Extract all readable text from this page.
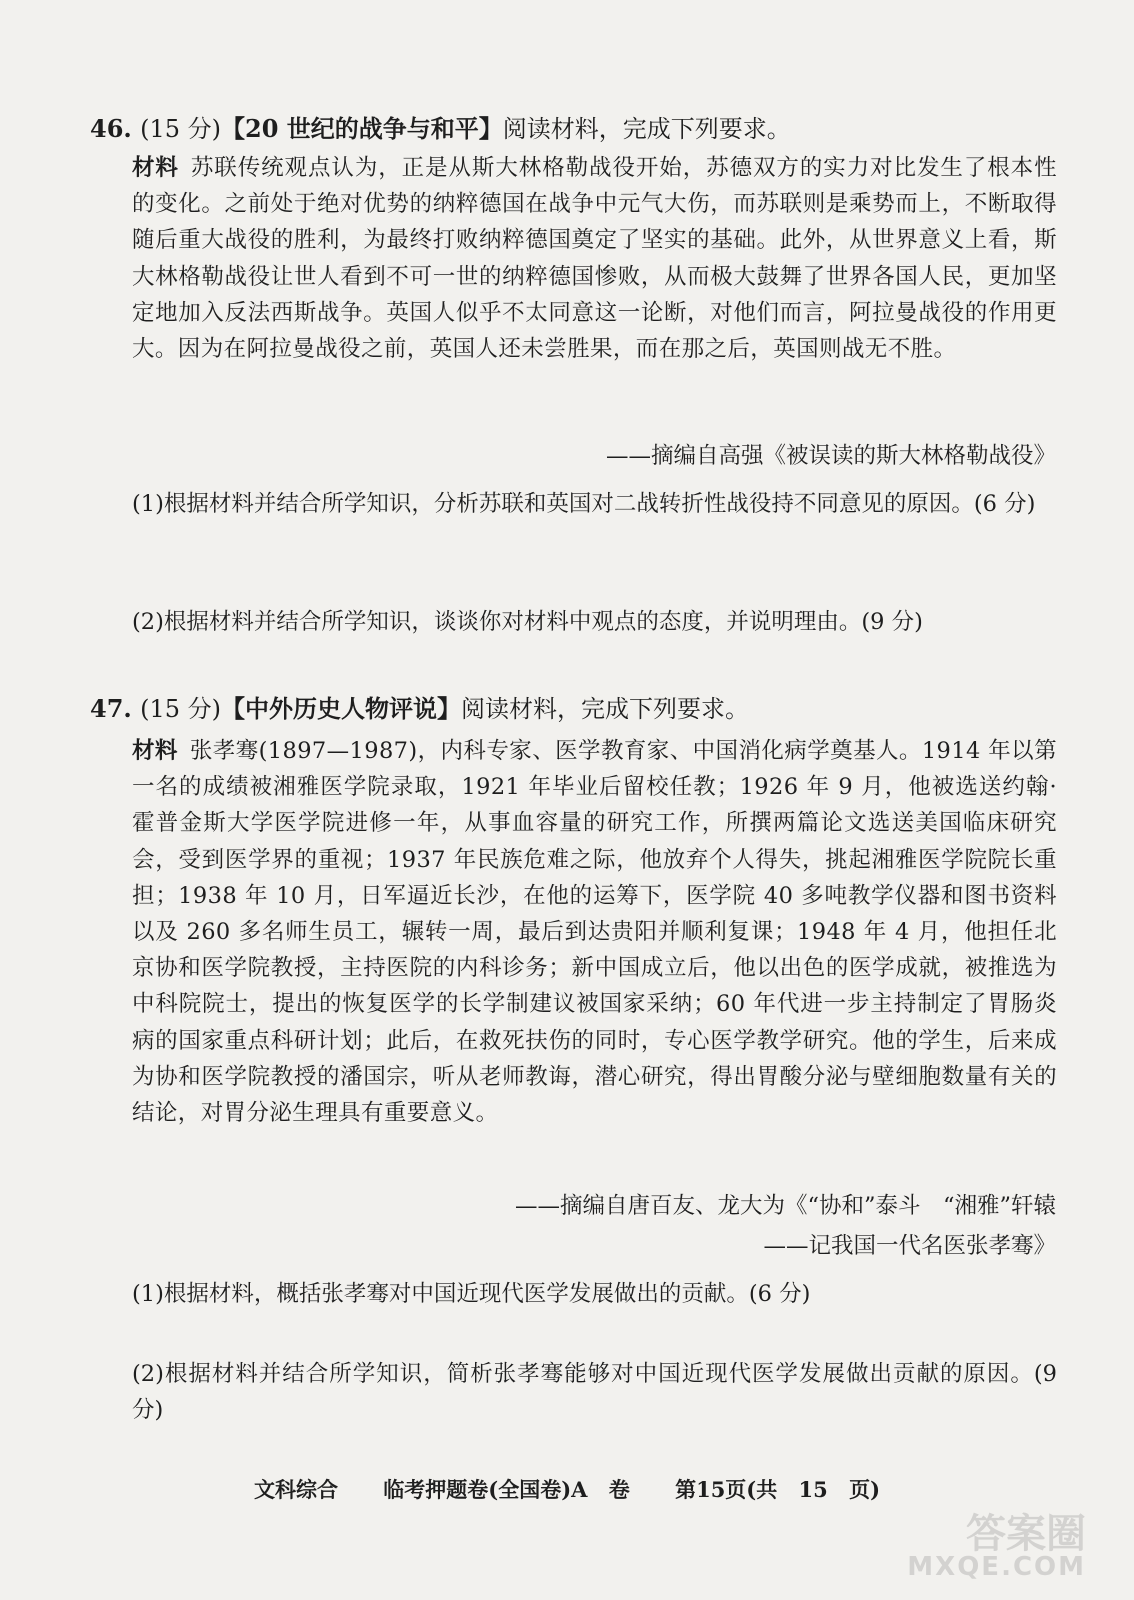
46. (15 分)【20 世纪的战争与和平】阅读材料，完成下列要求。
材料 苏联传统观点认为，正是从斯大林格勒战役开始，苏德双方的实力对比发生了根本性的变化。之前处于绝对优势的纳粹德国在战争中元气大伤，而苏联则是乘势而上，不断取得随后重大战役的胜利，为最终打败纳粹德国奠定了坚实的基础。此外，从世界意义上看，斯大林格勒战役让世人看到不可一世的纳粹德国惨败，从而极大鼓舞了世界各国人民，更加坚定地加入反法西斯战争。英国人似乎不太同意这一论断，对他们而言，阿拉曼战役的作用更大。因为在阿拉曼战役之前，英国人还未尝胜果，而在那之后，英国则战无不胜。
——摘编自高强《被误读的斯大林格勒战役》
(1)根据材料并结合所学知识，分析苏联和英国对二战转折性战役持不同意见的原因。(6 分)
(2)根据材料并结合所学知识，谈谈你对材料中观点的态度，并说明理由。(9 分)
47. (15 分)【中外历史人物评说】阅读材料，完成下列要求。
材料 张孝骞(1897—1987)，内科专家、医学教育家、中国消化病学奠基人。1914 年以第一名的成绩被湘雅医学院录取，1921 年毕业后留校任教；1926 年 9 月，他被选送约翰·霍普金斯大学医学院进修一年，从事血容量的研究工作，所撰两篇论文选送美国临床研究会，受到医学界的重视；1937 年民族危难之际，他放弃个人得失，挑起湘雅医学院院长重担；1938 年 10 月，日军逼近长沙，在他的运筹下，医学院 40 多吨教学仪器和图书资料以及 260 多名师生员工，辗转一周，最后到达贵阳并顺利复课；1948 年 4 月，他担任北京协和医学院教授，主持医院的内科诊务；新中国成立后，他以出色的医学成就，被推选为中科院院士，提出的恢复医学的长学制建议被国家采纳；60 年代进一步主持制定了胃肠炎病的国家重点科研计划；此后，在救死扶伤的同时，专心医学教学研究。他的学生，后来成为协和医学院教授的潘国宗，听从老师教诲，潜心研究，得出胃酸分泌与壁细胞数量有关的结论，对胃分泌生理具有重要意义。
——摘编自唐百友、龙大为《“协和”泰斗　“湘雅”轩辕
——记我国一代名医张孝骞》
(1)根据材料，概括张孝骞对中国近现代医学发展做出的贡献。(6 分)
(2)根据材料并结合所学知识，简析张孝骞能够对中国近现代医学发展做出贡献的原因。(9 分)
文科综合 临考押题卷(全国卷)A 卷 第15页(共 15 页)
答案圈
MXQE.COM
